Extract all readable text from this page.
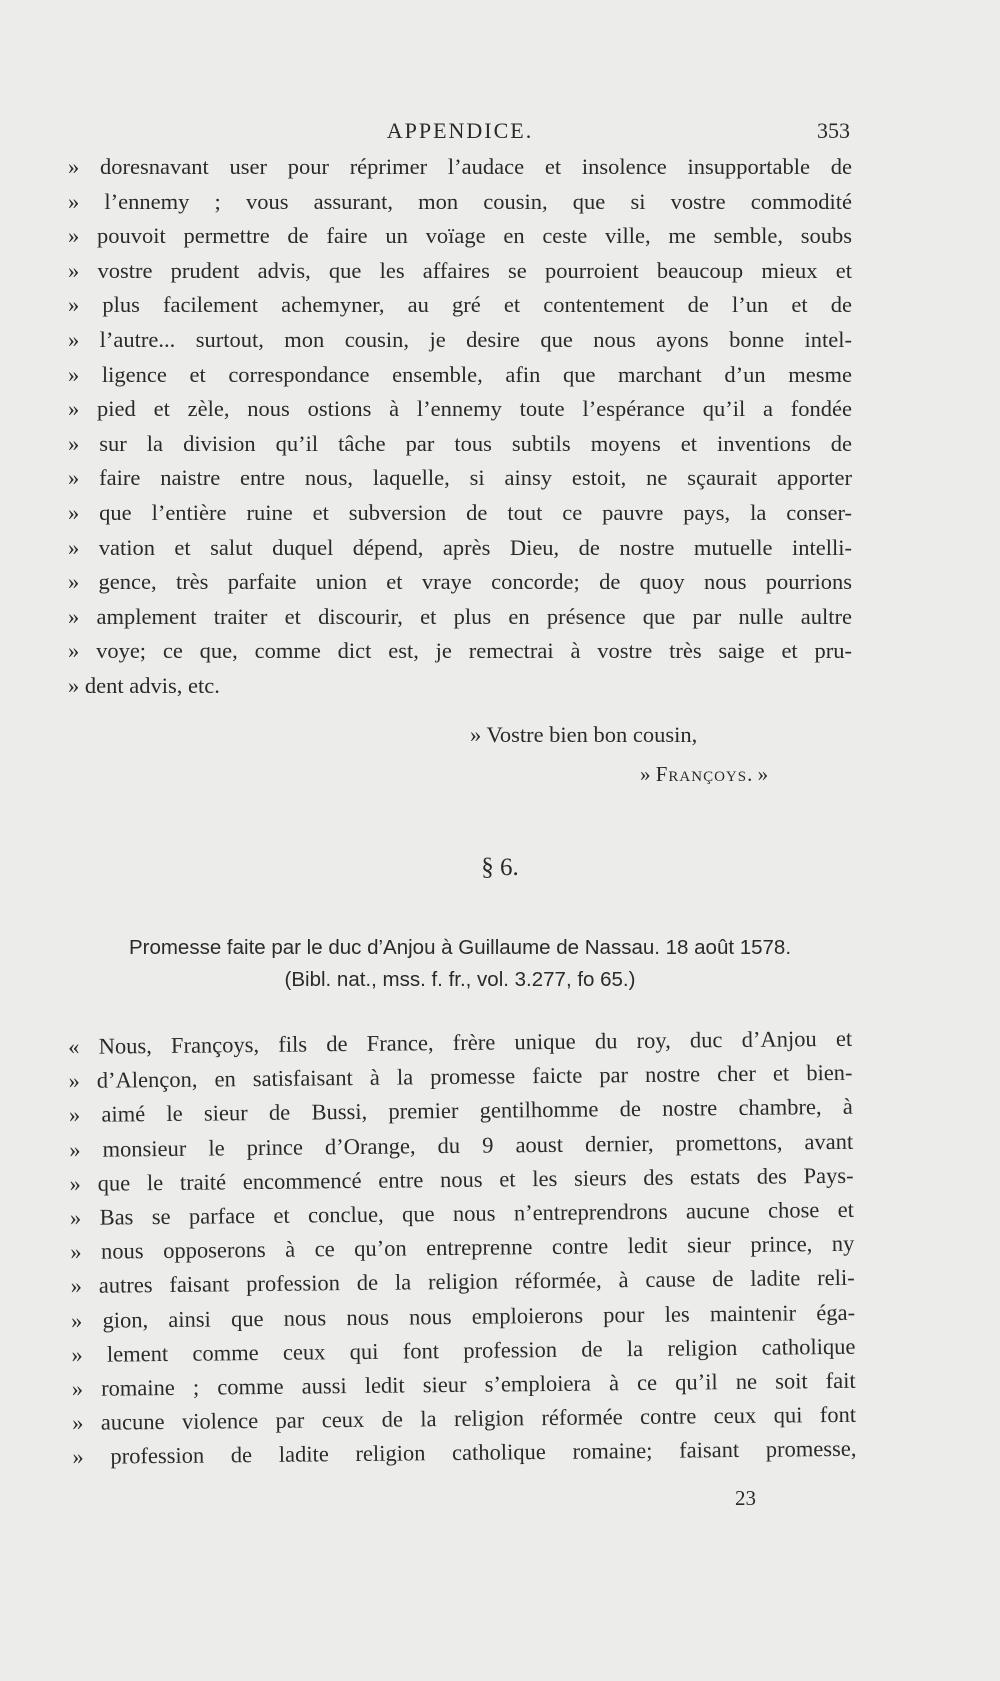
APPENDICE.	353
» doresnavant user pour réprimer l’audace et insolence insupportable de
» l’ennemy ; vous assurant, mon cousin, que si vostre commodité
» pouvoit permettre de faire un voïage en ceste ville, me semble, soubs
» vostre prudent advis, que les affaires se pourroient beaucoup mieux et
» plus facilement achemyner, au gré et contentement de l’un et de
» l’autre... surtout, mon cousin, je desire que nous ayons bonne intel-
» ligence et correspondance ensemble, afin que marchant d’un mesme
» pied et zèle, nous ostions à l’ennemy toute l’espérance qu’il a fondée
» sur la division qu’il tâche par tous subtils moyens et inventions de
» faire naistre entre nous, laquelle, si ainsy estoit, ne sçaurait apporter
» que l’entière ruine et subversion de tout ce pauvre pays, la conser-
» vation et salut duquel dépend, après Dieu, de nostre mutuelle intelli-
» gence, très parfaite union et vraye concorde; de quoy nous pourrions
» amplement traiter et discourir, et plus en présence que par nulle aultre
» voye; ce que, comme dict est, je remectrai à vostre très saige et pru-
» dent advis, etc.
» Vostre bien bon cousin,
» Françoys. »
§ 6.
Promesse faite par le duc d’Anjou à Guillaume de Nassau. 18 août 1578.
(Bibl. nat., mss. f. fr., vol. 3.277, fo 65.)
« Nous, Françoys, fils de France, frère unique du roy, duc d’Anjou et
» d’Alençon, en satisfaisant à la promesse faicte par nostre cher et bien-
» aimé le sieur de Bussi, premier gentilhomme de nostre chambre, à
» monsieur le prince d’Orange, du 9 aoust dernier, promettons, avant
» que le traité encommencé entre nous et les sieurs des estats des Pays-
» Bas se parface et conclue, que nous n’entreprendrons aucune chose et
» nous opposerons à ce qu’on entreprenne contre ledit sieur prince, ny
» autres faisant profession de la religion réformée, à cause de ladite reli-
» gion, ainsi que nous nous nous emploierons pour les maintenir éga-
» lement comme ceux qui font profession de la religion catholique
» romaine ; comme aussi ledit sieur s’emploiera à ce qu’il ne soit fait
» aucune violence par ceux de la religion réformée contre ceux qui font
» profession de ladite religion catholique romaine; faisant promesse,
23
